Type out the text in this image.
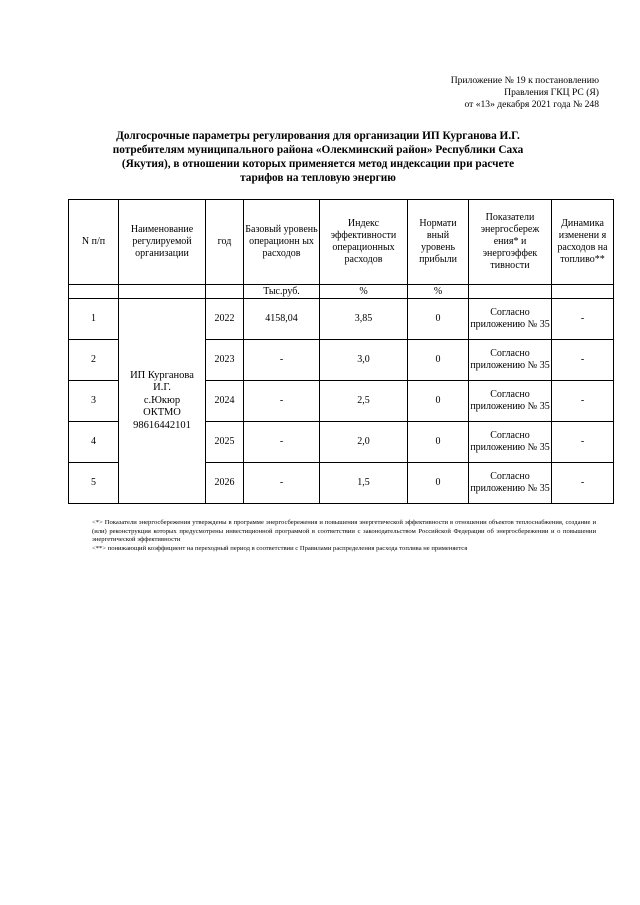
Приложение № 19 к постановлению
Правления ГКЦ РС (Я)
от «13» декабря 2021 года № 248
Долгосрочные параметры регулирования для организации ИП Курганова И.Г. потребителям муниципального района «Олекминский район» Республики Саха (Якутия), в отношении которых применяется метод индексации при расчете тарифов на тепловую энергию
N п/п	Наименование регулируемой организации	год	Базовый уровень операционн ых расходов	Индекс эффективности операционных расходов	Нормати вный уровень прибыли	Показатели энергосбереж ения* и энергоэффек тивности	Динамика изменени я расходов на топливо**
			Тыс.руб.	%	%		
1	ИП Курганова
И.Г.
с.Юкюр
ОКТМО
98616442101	2022	4158,04	3,85	0	Согласно приложению № 35	-
2		2023	-	3,0	0	Согласно приложению № 35	-
3		2024	-	2,5	0	Согласно приложению № 35	-
4		2025	-	2,0	0	Согласно приложению № 35	-
5		2026	-	1,5	0	Согласно приложению № 35	-

<*> Показатели энергосбережения утверждены в программе энергосбережения и повышения энергетической эффективности в отношении объектов теплоснабжения, создание и (или) реконструкция которых предусмотрены инвестиционной программой в соответствии с законодательством Российской Федерации об энергосбережении и о повышении энергетической эффективности

<**> понижающий коэффициент на переходный период в соответствии с Правилами распределения расхода топлива не применяется
